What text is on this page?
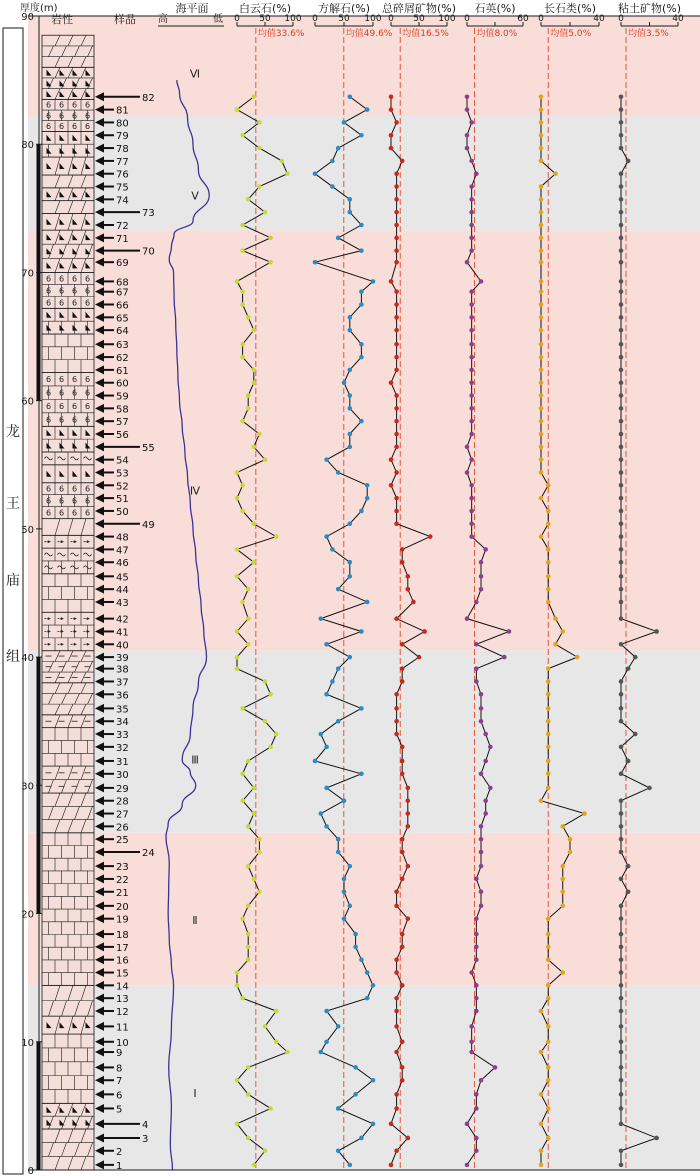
6 6 6 6
6 6 6 6
6 6 6 6
6 6 6 6
6 6 6 6
6 6 6 6
6 6 6 6
6 6 6 6
6 6 6 6
6 6 6 6
6 6 6 6
6 6 6 6
6 6 6 6
1
2
3
4
5
6
7
8
9
10
11
12
13
14
15
16
17
18
19
20
21
22
23
24
25
26
27
28
29
30
31
32
33
34
35
36
37
38
39
40
41
42
43
44
45
46
47
48
49
50
51
52
53
54
55
56
57
58
59
60
61
62
63
64
65
66
67
68
69
70
71
72
73
74
75
76
77
78
79
80
81
82
Ⅰ
Ⅱ
Ⅲ
Ⅳ
Ⅴ
Ⅵ
白云石(%)
0 50 100
均值33.6%
方解石(%)
0 50 100
均值49.6%
总碎屑矿物(%)
0 50 100
均值16.5%
石英(%)
0	60
均值8.0%
长石类(%)
0	40
均值5.0%
粘土矿物(%)
0	40
均值3.5%
龙
王
庙
组
厚度(m)
岩性	样品
海平面
高	低
0
10
20
30
40
50
60
70
80
90
